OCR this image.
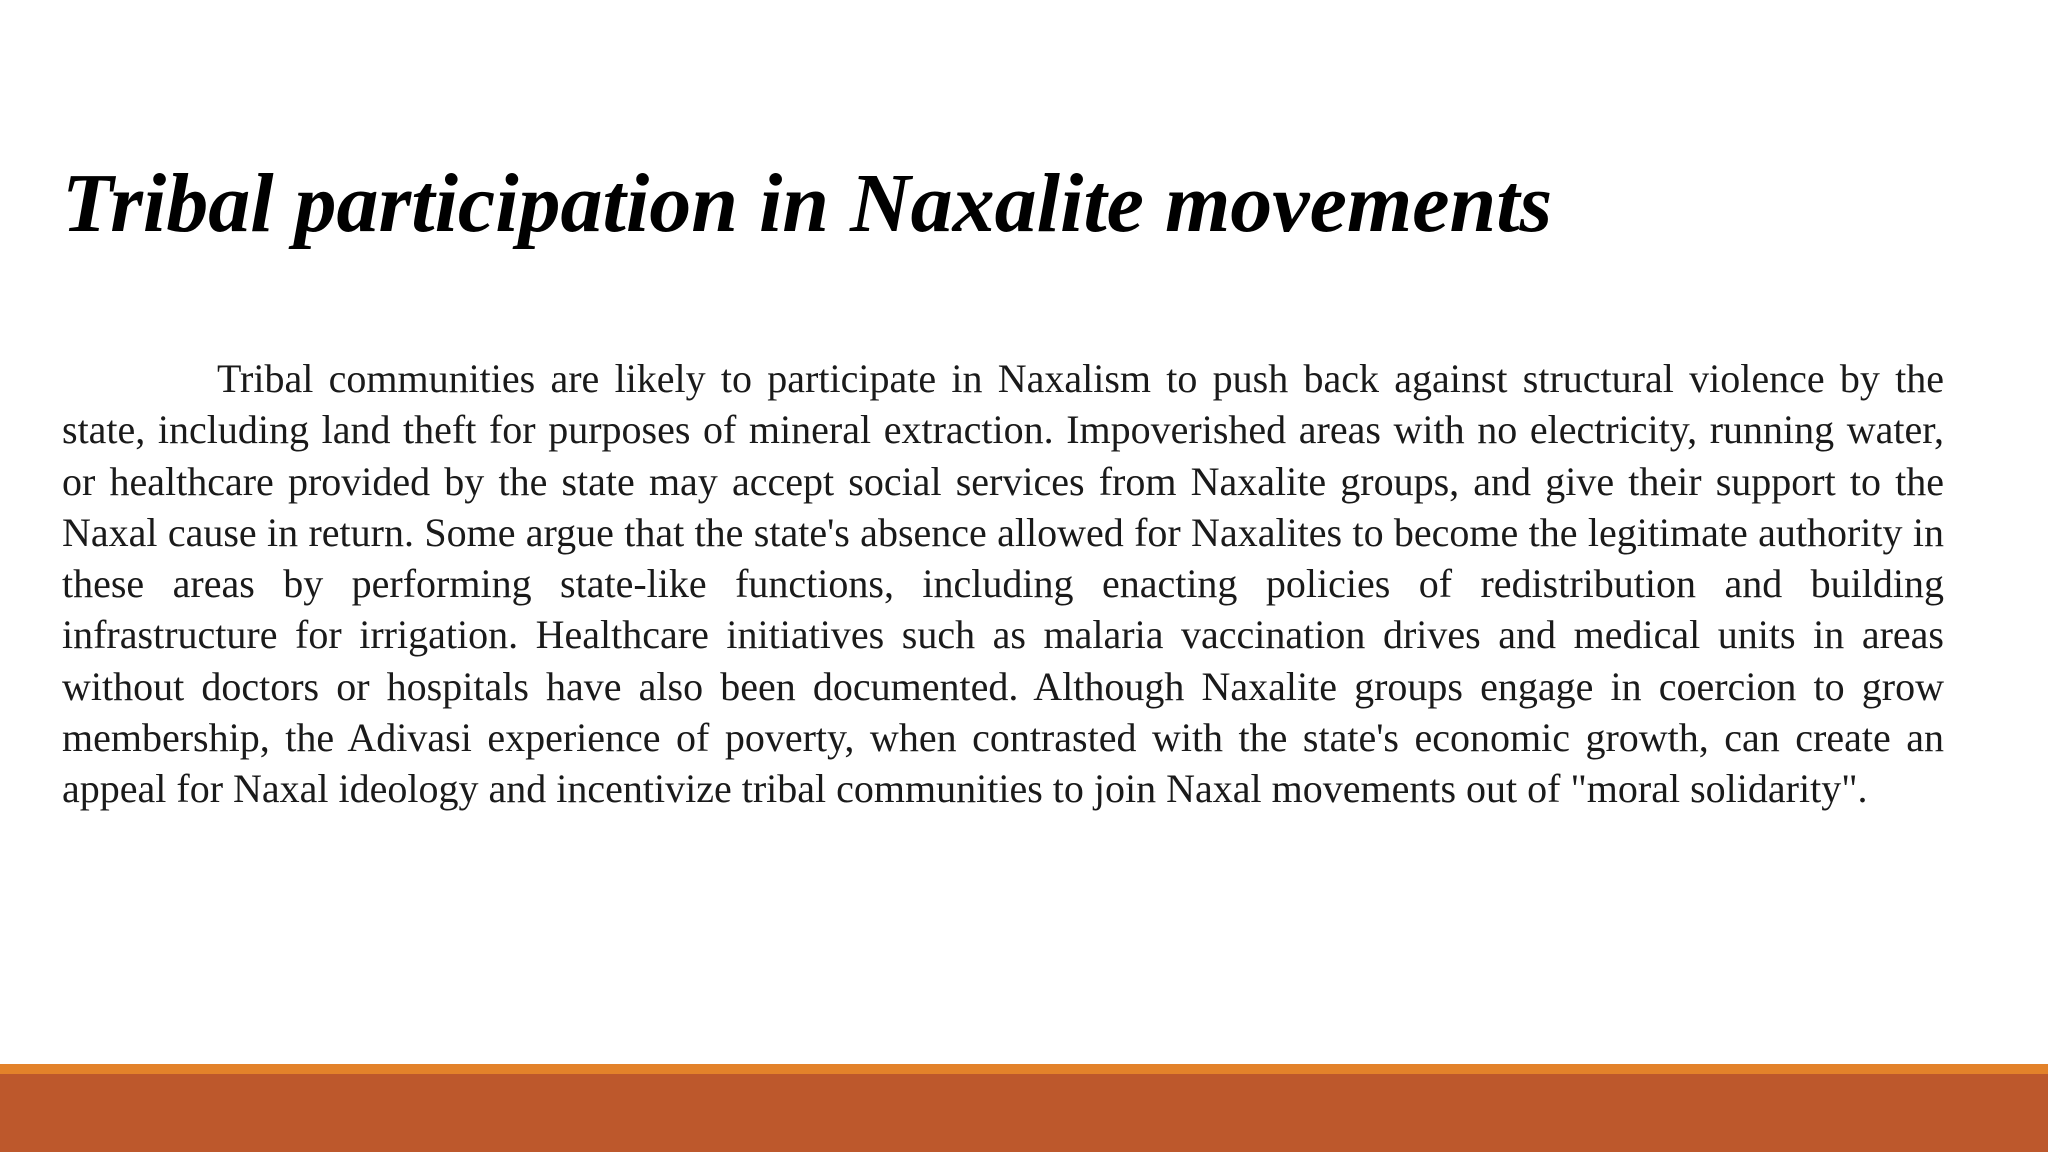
Tribal participation in Naxalite movements

Tribal communities are likely to participate in Naxalism to push back against structural violence by the state, including land theft for purposes of mineral extraction. Impoverished areas with no electricity, running water, or healthcare provided by the state may accept social services from Naxalite groups, and give their support to the Naxal cause in return. Some argue that the state's absence allowed for Naxalites to become the legitimate authority in these areas by performing state-like functions, including enacting policies of redistribution and building infrastructure for irrigation. Healthcare initiatives such as malaria vaccination drives and medical units in areas without doctors or hospitals have also been documented. Although Naxalite groups engage in coercion to grow membership, the Adivasi experience of poverty, when contrasted with the state's economic growth, can create an appeal for Naxal ideology and incentivize tribal communities to join Naxal movements out of "moral solidarity".
